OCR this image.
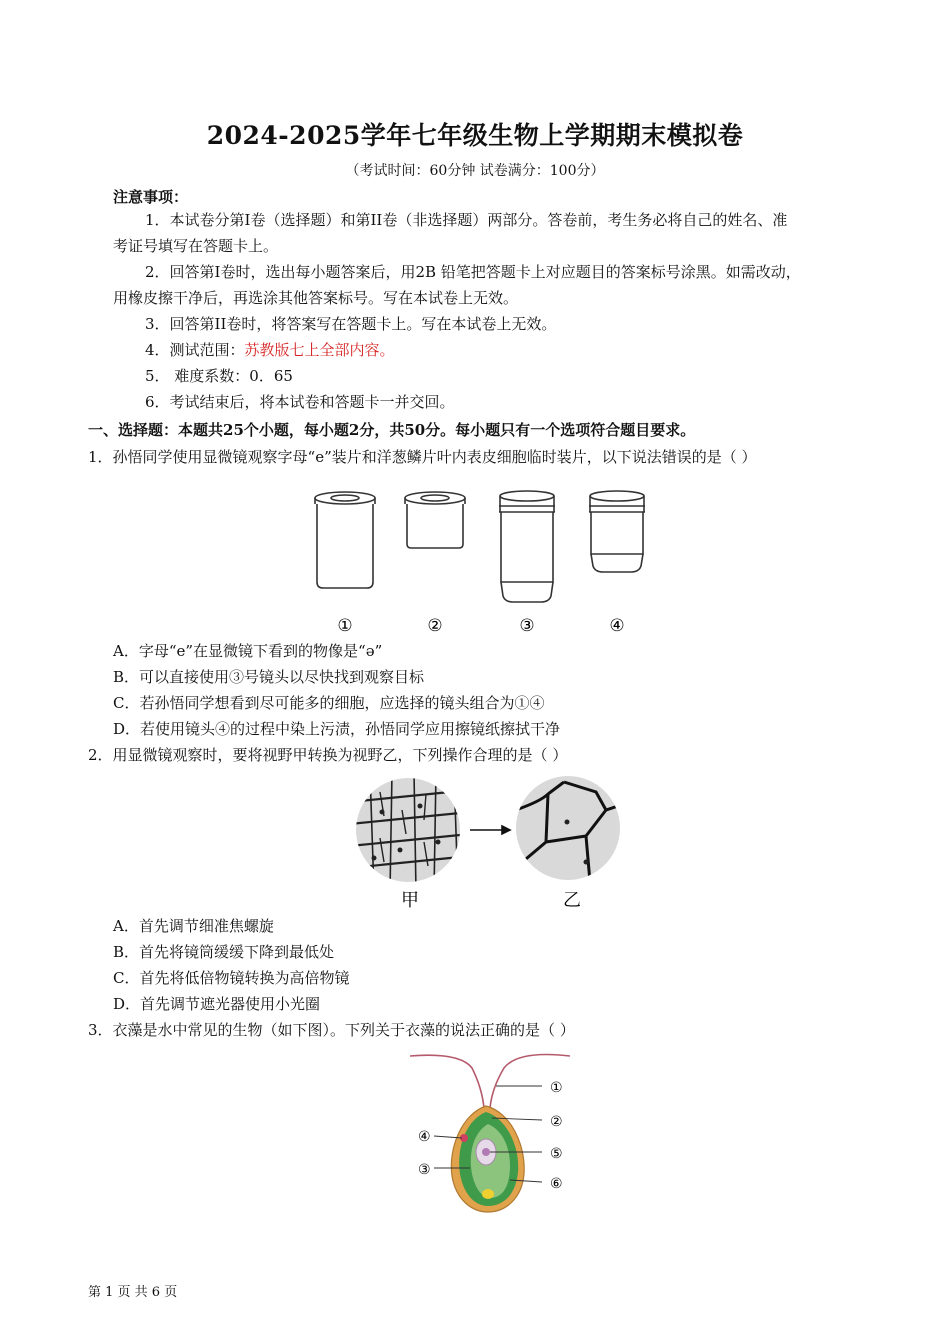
2024-2025学年七年级生物上学期期末模拟卷
（考试时间：60分钟 试卷满分：100分）
注意事项：
1．本试卷分第I卷（选择题）和第II卷（非选择题）两部分。答卷前，考生务必将自己的姓名、准
考证号填写在答题卡上。
2．回答第I卷时，选出每小题答案后，用2B 铅笔把答题卡上对应题目的答案标号涂黑。如需改动，
用橡皮擦干净后，再选涂其他答案标号。写在本试卷上无效。
3．回答第II卷时，将答案写在答题卡上。写在本试卷上无效。
4．测试范围：苏教版七上全部内容。
5． 难度系数：0．65
6．考试结束后，将本试卷和答题卡一并交回。
一、选择题：本题共25个小题，每小题2分，共50分。每小题只有一个选项符合题目要求。
1．孙悟同学使用显微镜观察字母“e”装片和洋葱鳞片叶内表皮细胞临时装片，以下说法错误的是（ ）
①	②	③	④
A．字母“e”在显微镜下看到的物像是“ə”
B．可以直接使用③号镜头以尽快找到观察目标
C．若孙悟同学想看到尽可能多的细胞，应选择的镜头组合为①④
D．若使用镜头④的过程中染上污渍，孙悟同学应用擦镜纸擦拭干净
2．用显微镜观察时，要将视野甲转换为视野乙，下列操作合理的是（ ）
甲	乙
A．首先调节细准焦螺旋
B．首先将镜筒缓缓下降到最低处
C．首先将低倍物镜转换为高倍物镜
D．首先调节遮光器使用小光圈
3．衣藻是水中常见的生物（如下图）。下列关于衣藻的说法正确的是（ ）
①
②
④
⑤
③
⑥
第 1 页 共 6 页
